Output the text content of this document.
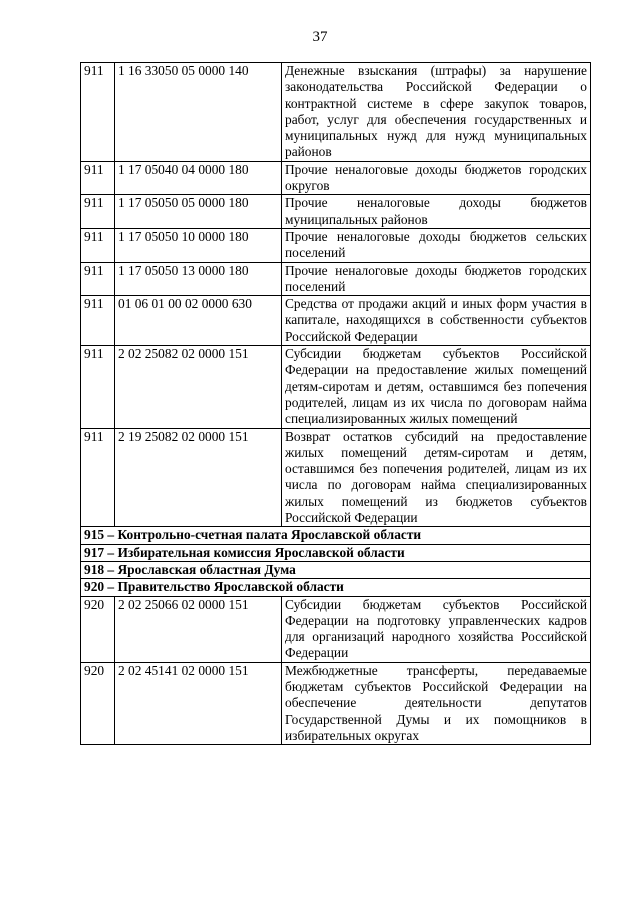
37
911	1 16 33050 05 0000 140	Денежные взыскания (штрафы) за нарушение законодательства Российской Федерации о контрактной системе в сфере закупок товаров, работ, услуг для обеспечения государственных и муниципальных нужд для нужд муниципальных районов
911	1 17 05040 04 0000 180	Прочие неналоговые доходы бюджетов городских округов
911	1 17 05050 05 0000 180	Прочие неналоговые доходы бюджетов муниципальных районов
911	1 17 05050 10 0000 180	Прочие неналоговые доходы бюджетов сельских поселений
911	1 17 05050 13 0000 180	Прочие неналоговые доходы бюджетов городских поселений
911	01 06 01 00 02 0000 630	Средства от продажи акций и иных форм участия в капитале, находящихся в собственности субъектов Российской Федерации
911	2 02 25082 02 0000 151	Субсидии бюджетам субъектов Российской Федерации на предоставление жилых помещений детям-сиротам и детям, оставшимся без попечения родителей, лицам из их числа по договорам найма специализированных жилых помещений
911	2 19 25082 02 0000 151	Возврат остатков субсидий на предоставление жилых помещений детям-сиротам и детям, оставшимся без попечения родителей, лицам из их числа по договорам найма специализированных жилых помещений из бюджетов субъектов Российской Федерации
915 – Контрольно-счетная палата Ярославской области		
917 – Избирательная комиссия Ярославской области		
918 – Ярославская областная Дума		
920 – Правительство Ярославской области		
920	2 02 25066 02 0000 151	Субсидии бюджетам субъектов Российской Федерации на подготовку управленческих кадров для организаций народного хозяйства Российской Федерации
920	2 02 45141 02 0000 151	Межбюджетные трансферты, передаваемые бюджетам субъектов Российской Федерации на обеспечение деятельности депутатов Государственной Думы и их помощников в избирательных округах
